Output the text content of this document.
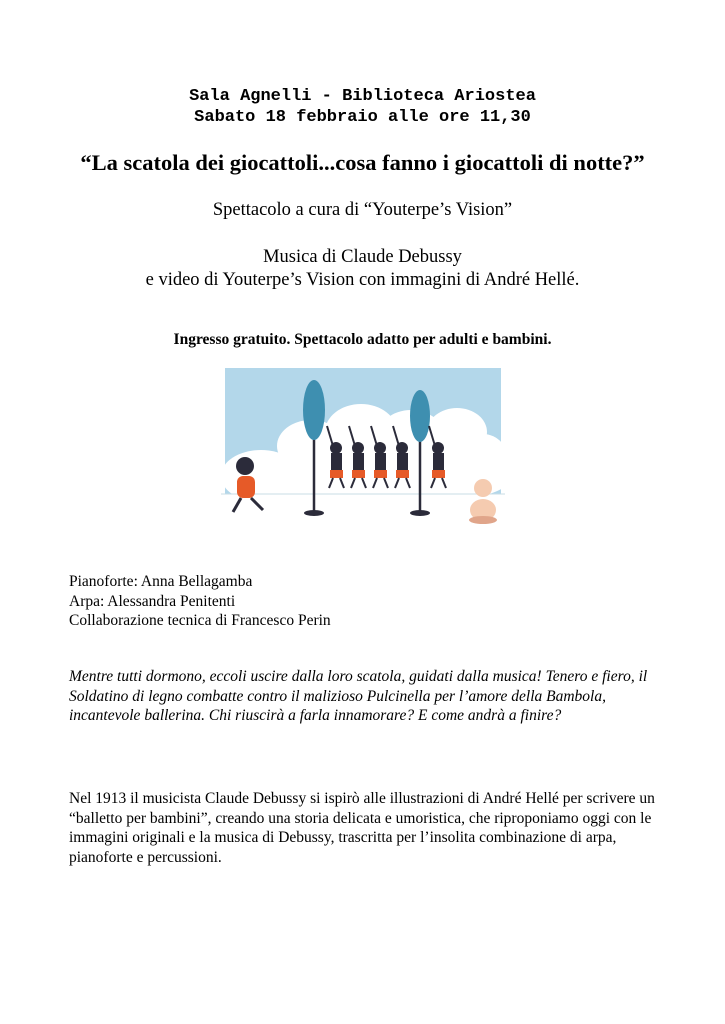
Sala Agnelli - Biblioteca Ariostea
Sabato 18 febbraio alle ore 11,30
“La scatola dei giocattoli...cosa fanno i giocattoli di notte?”
Spettacolo a cura di “Youterpe’s Vision”
Musica di Claude Debussy
e video di Youterpe’s Vision con immagini di André Hellé.
Ingresso gratuito. Spettacolo adatto per adulti e bambini.
Pianoforte: Anna Bellagamba
Arpa: Alessandra Penitenti
Collaborazione tecnica di Francesco Perin

Mentre tutti dormono, eccoli uscire dalla loro scatola, guidati dalla musica! Tenero e fiero, il Soldatino di legno combatte contro il malizioso Pulcinella per l’amore della Bambola, incantevole ballerina. Chi riuscirà a farla innamorare? E come andrà a finire?

Nel 1913 il musicista Claude Debussy si ispirò alle illustrazioni di André Hellé per scrivere un “balletto per bambini”, creando una storia delicata e umoristica, che riproponiamo oggi con le immagini originali e la musica di Debussy, trascritta per l’insolita combinazione di arpa, pianoforte e percussioni.
